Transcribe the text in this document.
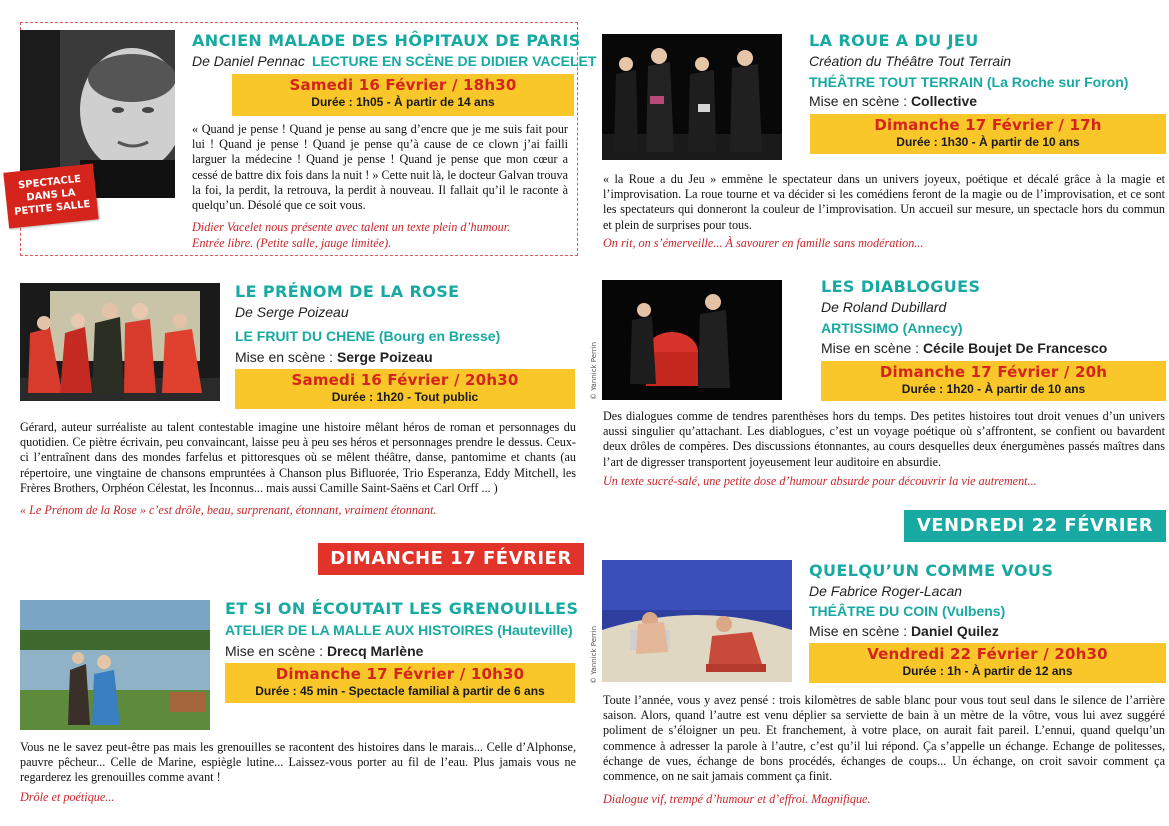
SPECTACLE DANS LA PETITE SALLE
ANCIEN MALADE DES HÔPITAUX DE PARIS
De Daniel Pennac LECTURE EN SCÈNE DE DIDIER VACELET
Samedi 16 Février / 18h30
Durée : 1h05 - À partir de 14 ans
« Quand je pense ! Quand je pense au sang d’encre que je me suis fait pour lui ! Quand je pense ! Quand je pense qu’à cause de ce clown j’ai failli larguer la médecine ! Quand je pense ! Quand je pense que mon cœur a cessé de battre dix fois dans la nuit ! » Cette nuit là, le docteur Galvan trouva la foi, la perdit, la retrouva, la perdit à nouveau. Il fallait qu’il le raconte à quelqu’un. Désolé que ce soit vous.
Didier Vacelet nous présente avec talent un texte plein d’humour.
Entrée libre. (Petite salle, jauge limitée).
LE PRÉNOM DE LA ROSE
De Serge Poizeau
LE FRUIT DU CHENE (Bourg en Bresse)
Mise en scène : Serge Poizeau
Samedi 16 Février / 20h30
Durée : 1h20 - Tout public
Gérard, auteur surréaliste au talent contestable imagine une histoire mêlant héros de roman et personnages du quotidien. Ce piètre écrivain, peu convaincant, laisse peu à peu ses héros et personnages prendre le dessus. Ceux-ci l’entraînent dans des mondes farfelus et pittoresques où se mêlent théâtre, danse, pantomime et chants (au répertoire, une vingtaine de chansons empruntées à Chanson plus Bifluorée, Trio Esperanza, Eddy Mitchell, les Frères Brothers, Orphéon Célestat, les Inconnus... mais aussi Camille Saint-Saëns et Carl Orff ... )
« Le Prénom de la Rose » c’est drôle, beau, surprenant, étonnant, vraiment étonnant.
DIMANCHE 17 FÉVRIER
ET SI ON ÉCOUTAIT LES GRENOUILLES
ATELIER DE LA MALLE AUX HISTOIRES (Hauteville)
Mise en scène : Drecq Marlène
Dimanche 17 Février / 10h30
Durée : 45 min - Spectacle familial à partir de 6 ans
Vous ne le savez peut-être pas mais les grenouilles se racontent des histoires dans le marais... Celle d’Alphonse, pauvre pêcheur... Celle de Marine, espiègle lutine... Laissez-vous porter au fil de l’eau. Plus jamais vous ne regarderez les grenouilles comme avant !
Drôle et poétique...
LA ROUE A DU JEU
Création du Théâtre Tout Terrain
THÉÂTRE TOUT TERRAIN (La Roche sur Foron)
Mise en scène : Collective
Dimanche 17 Février / 17h
Durée : 1h30 - À partir de 10 ans
« la Roue a du Jeu » emmène le spectateur dans un univers joyeux, poétique et décalé grâce à la magie et l’improvisation. La roue tourne et va décider si les comédiens feront de la magie ou de l’improvisation, et ce sont les spectateurs qui donneront la couleur de l’improvisation. Un accueil sur mesure, un spectacle hors du commun et plein de surprises pour tous.
On rit, on s’émerveille... À savourer en famille sans modération...
© Yannick Perrin
LES DIABLOGUES
De Roland Dubillard
ARTISSIMO (Annecy)
Mise en scène : Cécile Boujet De Francesco
Dimanche 17 Février / 20h
Durée : 1h20 - À partir de 10 ans
Des dialogues comme de tendres parenthèses hors du temps. Des petites histoires tout droit venues d’un univers aussi singulier qu’attachant. Les diablogues, c’est un voyage poétique où s’affrontent, se confient ou bavardent deux drôles de compères. Des discussions étonnantes, au cours desquelles deux énergumènes passés maîtres dans l’art de digresser transportent joyeusement leur auditoire en absurdie.
Un texte sucré-salé, une petite dose d’humour absurde pour découvrir la vie autrement...
VENDREDI 22 FÉVRIER
© Yannick Perrin
QUELQU’UN COMME VOUS
De Fabrice Roger-Lacan
THÉÂTRE DU COIN (Vulbens)
Mise en scène : Daniel Quilez
Vendredi 22 Février / 20h30
Durée : 1h - À partir de 12 ans
Toute l’année, vous y avez pensé : trois kilomètres de sable blanc pour vous tout seul dans le silence de l’arrière saison. Alors, quand l’autre est venu déplier sa serviette de bain à un mètre de la vôtre, vous lui avez suggéré poliment de s’éloigner un peu. Et franchement, à votre place, on aurait fait pareil. L’ennui, quand quelqu’un commence à adresser la parole à l’autre, c’est qu’il lui répond. Ça s’appelle un échange. Echange de politesses, échange de vues, échange de bons procédés, échanges de coups... Un échange, on croit savoir comment ça commence, on ne sait jamais comment ça finit.
Dialogue vif, trempé d’humour et d’effroi. Magnifique.
